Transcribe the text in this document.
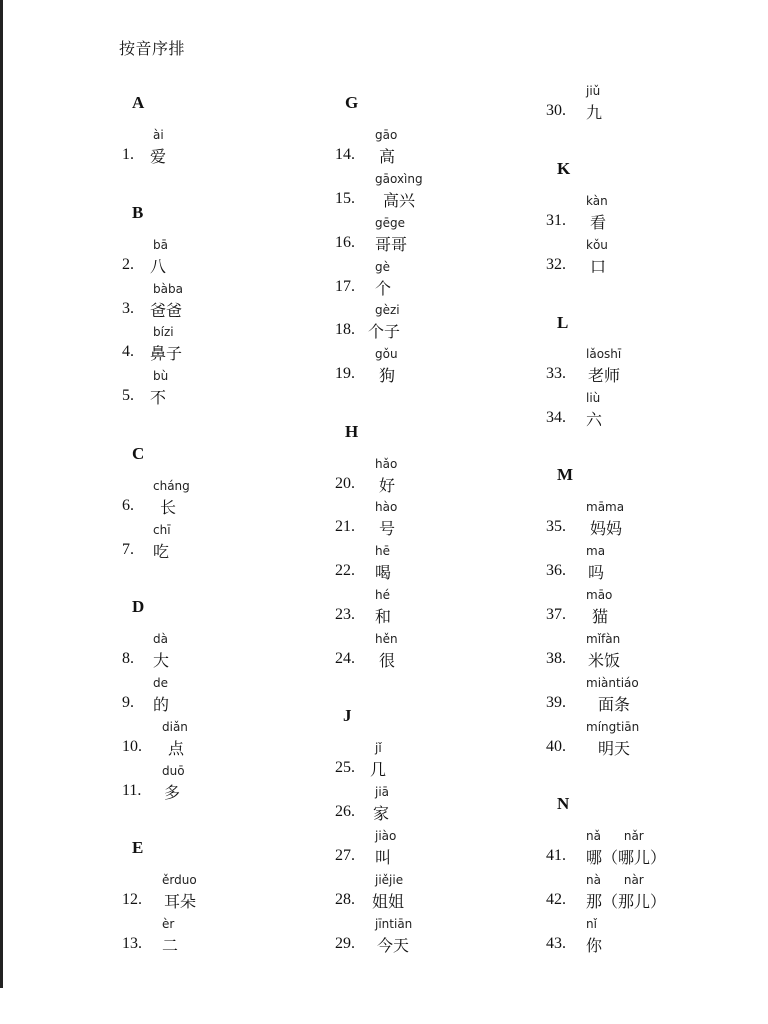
按音序排
A
ài
1. 爱
B
bā
2. 八
bàba
3. 爸爸
bízi
4. 鼻子
bù
5. 不
C
cháng
6. 长
chī
7. 吃
D
dà
8. 大
de
9. 的
diǎn
10. 点
duō
11. 多
E
ěrduo
12. 耳朵
èr
13. 二
G
gāo
14. 高
gāoxìng
15. 高兴
gēge
16. 哥哥
gè
17. 个
gèzi
18. 个子
gǒu
19. 狗
H
hǎo
20. 好
hào
21. 号
hē
22. 喝
hé
23. 和
hěn
24. 很
J
jǐ
25. 几
jiā
26. 家
jiào
27. 叫
jiějie
28. 姐姐
jīntiān
29. 今天
jiǔ
30. 九
K
kàn
31. 看
kǒu
32. 口
L
lǎoshī
33. 老师
liù
34. 六
M
māma
35. 妈妈
ma
36. 吗
māo
37. 猫
mǐfàn
38. 米饭
miàntiáo
39. 面条
míngtiān
40. 明天
N
nǎ      nǎr
41. 哪（哪儿）
nà      nàr
42. 那（那儿）
nǐ
43. 你
